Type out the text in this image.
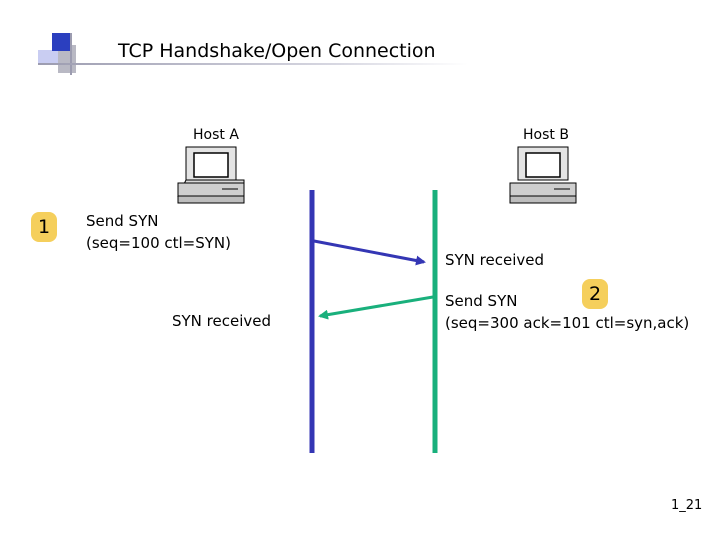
TCP Handshake/Open Connection
Host A	Host B
1	Send SYN
(seq=100 ctl=SYN)
SYN received
2
Send SYN
(seq=300 ack=101 ctl=syn,ack)
SYN received
1_21
